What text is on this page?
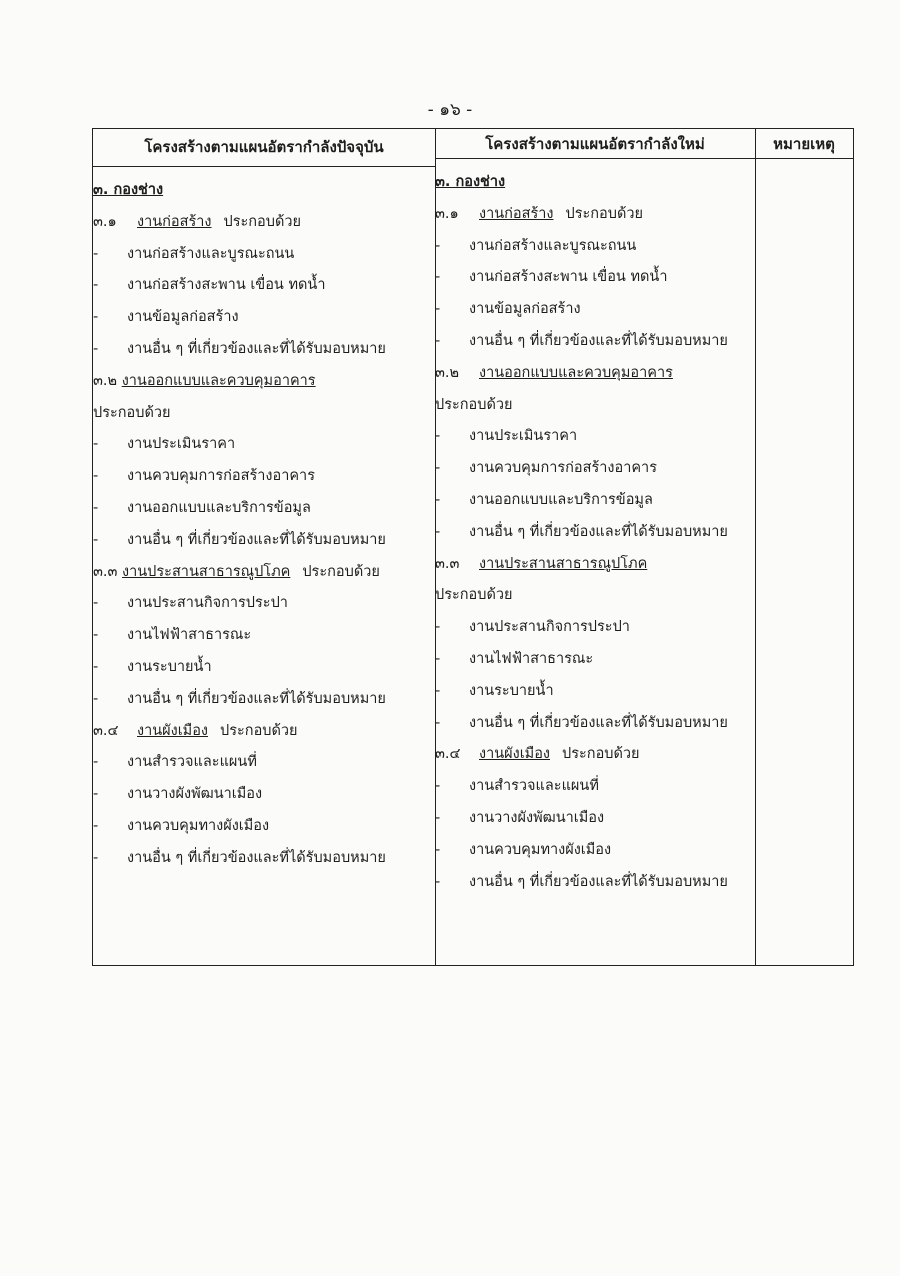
- ๑๖ -
โครงสร้างตามแผนอัตรากำลังปัจจุบัน
๓. กองช่าง
๓.๑ งานก่อสร้าง ประกอบด้วย
- งานก่อสร้างและบูรณะถนน
- งานก่อสร้างสะพาน เขื่อน ทดน้ำ
- งานข้อมูลก่อสร้าง
- งานอื่น ๆ ที่เกี่ยวข้องและที่ได้รับมอบหมาย
๓.๒ งานออกแบบและควบคุมอาคาร
ประกอบด้วย
- งานประเมินราคา
- งานควบคุมการก่อสร้างอาคาร
- งานออกแบบและบริการข้อมูล
- งานอื่น ๆ ที่เกี่ยวข้องและที่ได้รับมอบหมาย
๓.๓ งานประสานสาธารณูปโภค ประกอบด้วย
- งานประสานกิจการประปา
- งานไฟฟ้าสาธารณะ
- งานระบายน้ำ
- งานอื่น ๆ ที่เกี่ยวข้องและที่ได้รับมอบหมาย
๓.๔ งานผังเมือง ประกอบด้วย
- งานสำรวจและแผนที่
- งานวางผังพัฒนาเมือง
- งานควบคุมทางผังเมือง
- งานอื่น ๆ ที่เกี่ยวข้องและที่ได้รับมอบหมาย
โครงสร้างตามแผนอัตรากำลังใหม่
๓. กองช่าง
๓.๑ งานก่อสร้าง ประกอบด้วย
- งานก่อสร้างและบูรณะถนน
- งานก่อสร้างสะพาน เขื่อน ทดน้ำ
- งานข้อมูลก่อสร้าง
- งานอื่น ๆ ที่เกี่ยวข้องและที่ได้รับมอบหมาย
๓.๒ งานออกแบบและควบคุมอาคาร
ประกอบด้วย
- งานประเมินราคา
- งานควบคุมการก่อสร้างอาคาร
- งานออกแบบและบริการข้อมูล
- งานอื่น ๆ ที่เกี่ยวข้องและที่ได้รับมอบหมาย
๓.๓ งานประสานสาธารณูปโภค
ประกอบด้วย
- งานประสานกิจการประปา
- งานไฟฟ้าสาธารณะ
- งานระบายน้ำ
- งานอื่น ๆ ที่เกี่ยวข้องและที่ได้รับมอบหมาย
๓.๔ งานผังเมือง ประกอบด้วย
- งานสำรวจและแผนที่
- งานวางผังพัฒนาเมือง
- งานควบคุมทางผังเมือง
- งานอื่น ๆ ที่เกี่ยวข้องและที่ได้รับมอบหมาย
หมายเหตุ
